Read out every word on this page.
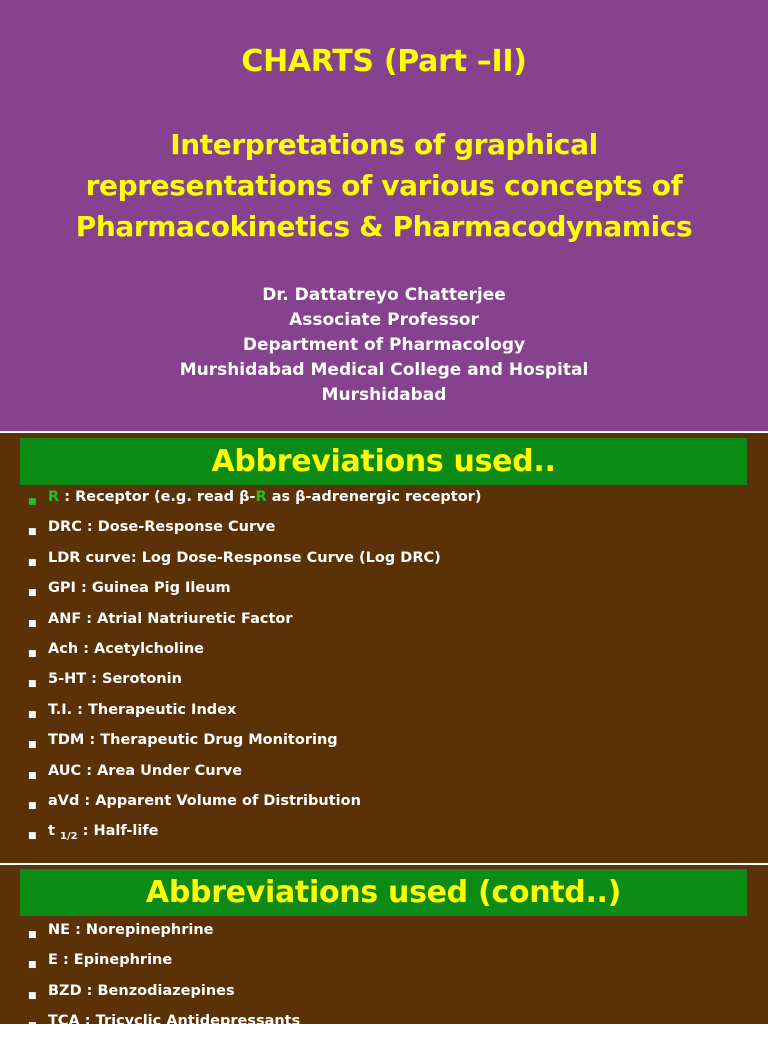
CHARTS (Part –II)
Interpretations of graphical
representations of various concepts of
Pharmacokinetics & Pharmacodynamics
Dr. Dattatreyo Chatterjee
Associate Professor
Department of Pharmacology
Murshidabad Medical College and Hospital
Murshidabad
Abbreviations used..
■ R : Receptor (e.g. read β-R as β-adrenergic receptor)
■ DRC : Dose-Response Curve
■ LDR curve: Log Dose-Response Curve (Log DRC)
■ GPI : Guinea Pig Ileum
■ ANF : Atrial Natriuretic Factor
■ Ach : Acetylcholine
■ 5-HT : Serotonin
■ T.I. : Therapeutic Index
■ TDM : Therapeutic Drug Monitoring
■ AUC : Area Under Curve
■ aVd : Apparent Volume of Distribution
■ t $_{1/2}$ : Half-life
Abbreviations used (contd..)
■ NE : Norepinephrine
■ E : Epinephrine
■ BZD : Benzodiazepines
■ TCA : Tricyclic Antidepressants
